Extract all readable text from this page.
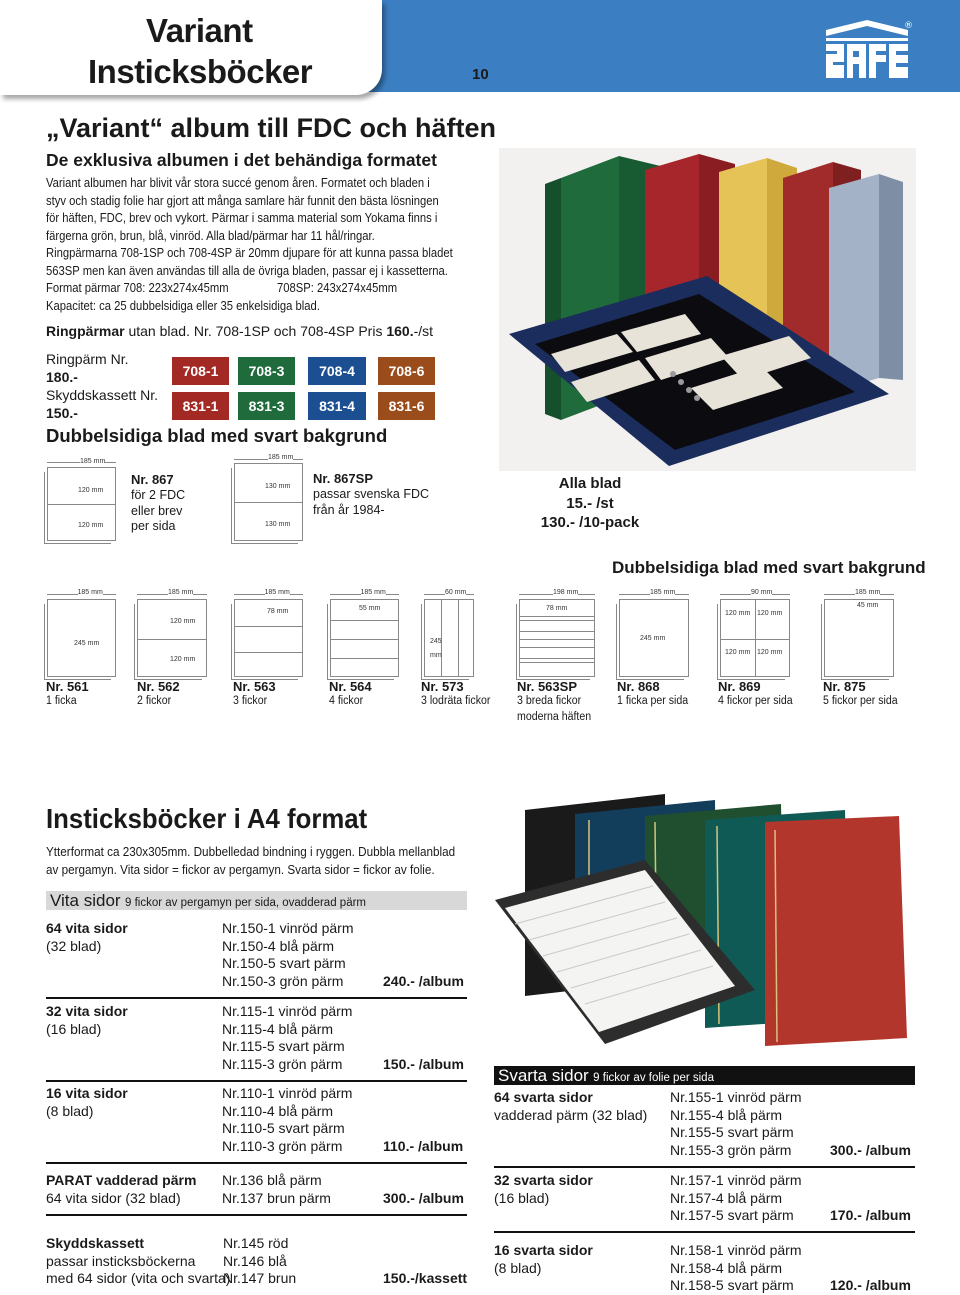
Variant
Insticksböcker	10
®
„Variant“ album till FDC och häften
De exklusiva albumen i det behändiga formatet
Variant albumen har blivit vår stora succé genom åren. Formatet och bladen i
styv och stadig folie har gjort att många samlare här funnit den bästa lösningen
för häften, FDC, brev och vykort. Pärmar i samma material som Yokama finns i
färgerna grön, brun, blå, vinröd. Alla blad/pärmar har 11 hål/ringar.
Ringpärmarna 708-1SP och 708-4SP är 20mm djupare för att kunna passa bladet
563SP men kan även användas till alla de övriga bladen, passar ej i kassetterna.
Format pärmar 708: 223x274x45mm	708SP: 243x274x45mm
Kapacitet: ca 25 dubbelsidiga eller 35 enkelsidiga blad.
Ringpärmar utan blad. Nr. 708-1SP och 708-4SP Pris 160.-/st
Ringpärm Nr.
180.-
Skyddskassett Nr.
150.-
708-1	708-3	708-4	708-6
831-1	831-3	831-4	831-6
Dubbelsidiga blad med svart bakgrund
120 mm
120 mm
185 mm
Nr. 867
för 2 FDC
eller brev
per sida
130 mm
130 mm
185 mm
Nr. 867SP
passar svenska FDC
från år 1984-
Alla blad
15.- /st
130.- /10-pack
Dubbelsidiga blad med svart bakgrund
245 mm
185 mm
Nr. 561
1 ficka
120 mm
120 mm
185 mm
Nr. 562
2 fickor
78 mm
185 mm
Nr. 563
3 fickor
55 mm
185 mm
Nr. 564
4 fickor
245
mm
60 mm
Nr. 573
3 lodräta fickor
78 mm
198 mm
Nr. 563SP
3 breda fickor
moderna häften
245 mm
185 mm
Nr. 868
1 ficka per sida
120 mm 120 mm
120 mm 120 mm
90 mm
Nr. 869
4 fickor per sida
45 mm
185 mm
Nr. 875
5 fickor per sida
Insticksböcker i A4 format
Ytterformat ca 230x305mm. Dubbelledad bindning i ryggen. Dubbla mellanblad
av pergamyn. Vita sidor = fickor av pergamyn. Svarta sidor = fickor av folie.
Vita sidor 9 fickor av pergamyn per sida, ovadderad pärm
64 vita sidor
(32 blad)
Nr.150-1 vinröd pärm
Nr.150-4 blå pärm
Nr.150-5 svart pärm
Nr.150-3 grön pärm	240.- /album
32 vita sidor
(16 blad)
Nr.115-1 vinröd pärm
Nr.115-4 blå pärm
Nr.115-5 svart pärm
Nr.115-3 grön pärm	150.- /album
16 vita sidor
(8 blad)
Nr.110-1 vinröd pärm
Nr.110-4 blå pärm
Nr.110-5 svart pärm
Nr.110-3 grön pärm	110.- /album
PARAT vadderad pärm
64 vita sidor (32 blad)
Nr.136 blå pärm
Nr.137 brun pärm	300.- /album
Skyddskassett
passar insticksböckerna
med 64 sidor (vita och svarta)
Nr.145 röd
Nr.146 blå
Nr.147 brun	150.-/kassett
Svarta sidor 9 fickor av folie per sida
64 svarta sidor
vadderad pärm (32 blad)
Nr.155-1 vinröd pärm
Nr.155-4 blå pärm
Nr.155-5 svart pärm
Nr.155-3 grön pärm	300.- /album
32 svarta sidor
(16 blad)
Nr.157-1 vinröd pärm
Nr.157-4 blå pärm
Nr.157-5 svart pärm	170.- /album
16 svarta sidor
(8 blad)
Nr.158-1 vinröd pärm
Nr.158-4 blå pärm
Nr.158-5 svart pärm	120.- /album
